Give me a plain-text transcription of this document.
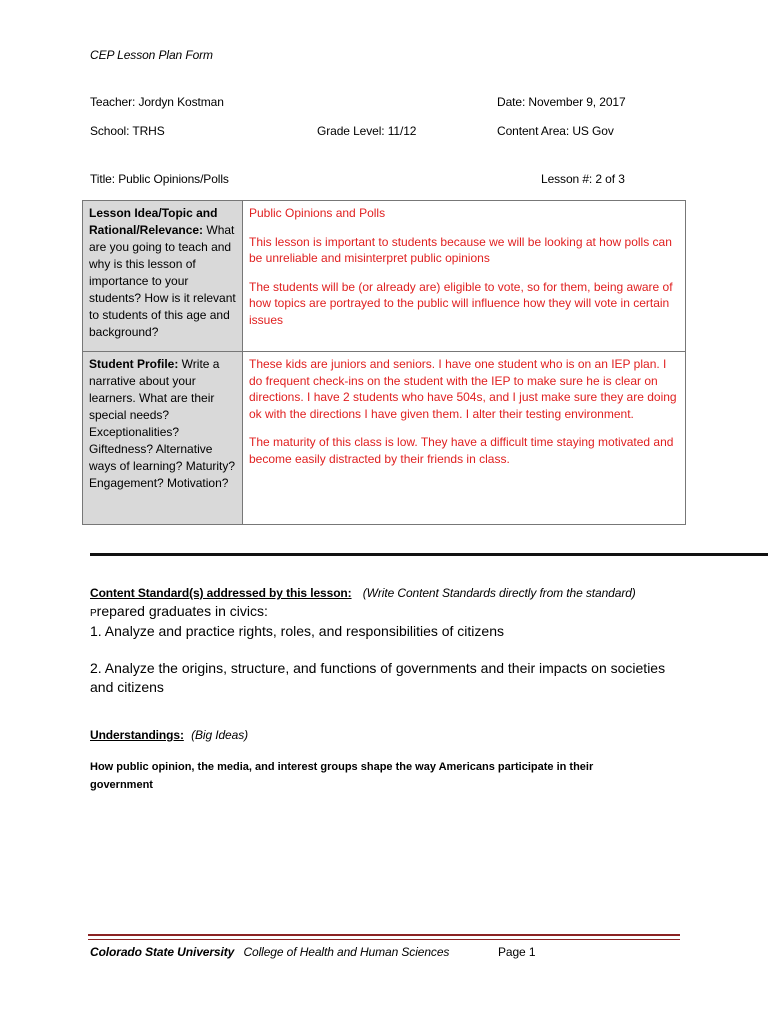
CEP Lesson Plan Form
Teacher: Jordyn Kostman	Date: November 9, 2017
School: TRHS	Grade Level: 11/12	Content Area: US Gov
Title: Public Opinions/Polls	Lesson #: 2 of 3
Lesson Idea/Topic and Rational/Relevance: What are you going to teach and why is this lesson of importance to your students? How is it relevant to students of this age and background?	Public Opinions and Polls

This lesson is important to students because we will be looking at how polls can be unreliable and misinterpret public opinions

The students will be (or already are) eligible to vote, so for them, being aware of how topics are portrayed to the public will influence how they will vote in certain issues

Student Profile: Write a narrative about your learners. What are their special needs? Exceptionalities? Giftedness? Alternative ways of learning? Maturity? Engagement? Motivation?	These kids are juniors and seniors. I have one student who is on an IEP plan. I do frequent check-ins on the student with the IEP to make sure he is clear on directions. I have 2 students who have 504s, and I just make sure they are doing ok with the directions I have given them. I alter their testing environment.

The maturity of this class is low. They have a difficult time staying motivated and become easily distracted by their friends in class.

Content Standard(s) addressed by this lesson: (Write Content Standards directly from the standard)
Prepared graduates in civics:
1. Analyze and practice rights, roles, and responsibilities of citizens
2. Analyze the origins, structure, and functions of governments and their impacts on societies and citizens
Understandings: (Big Ideas)
How public opinion, the media, and interest groups shape the way Americans participate in their government
Colorado State University College of Health and Human Sciences	Page 1
